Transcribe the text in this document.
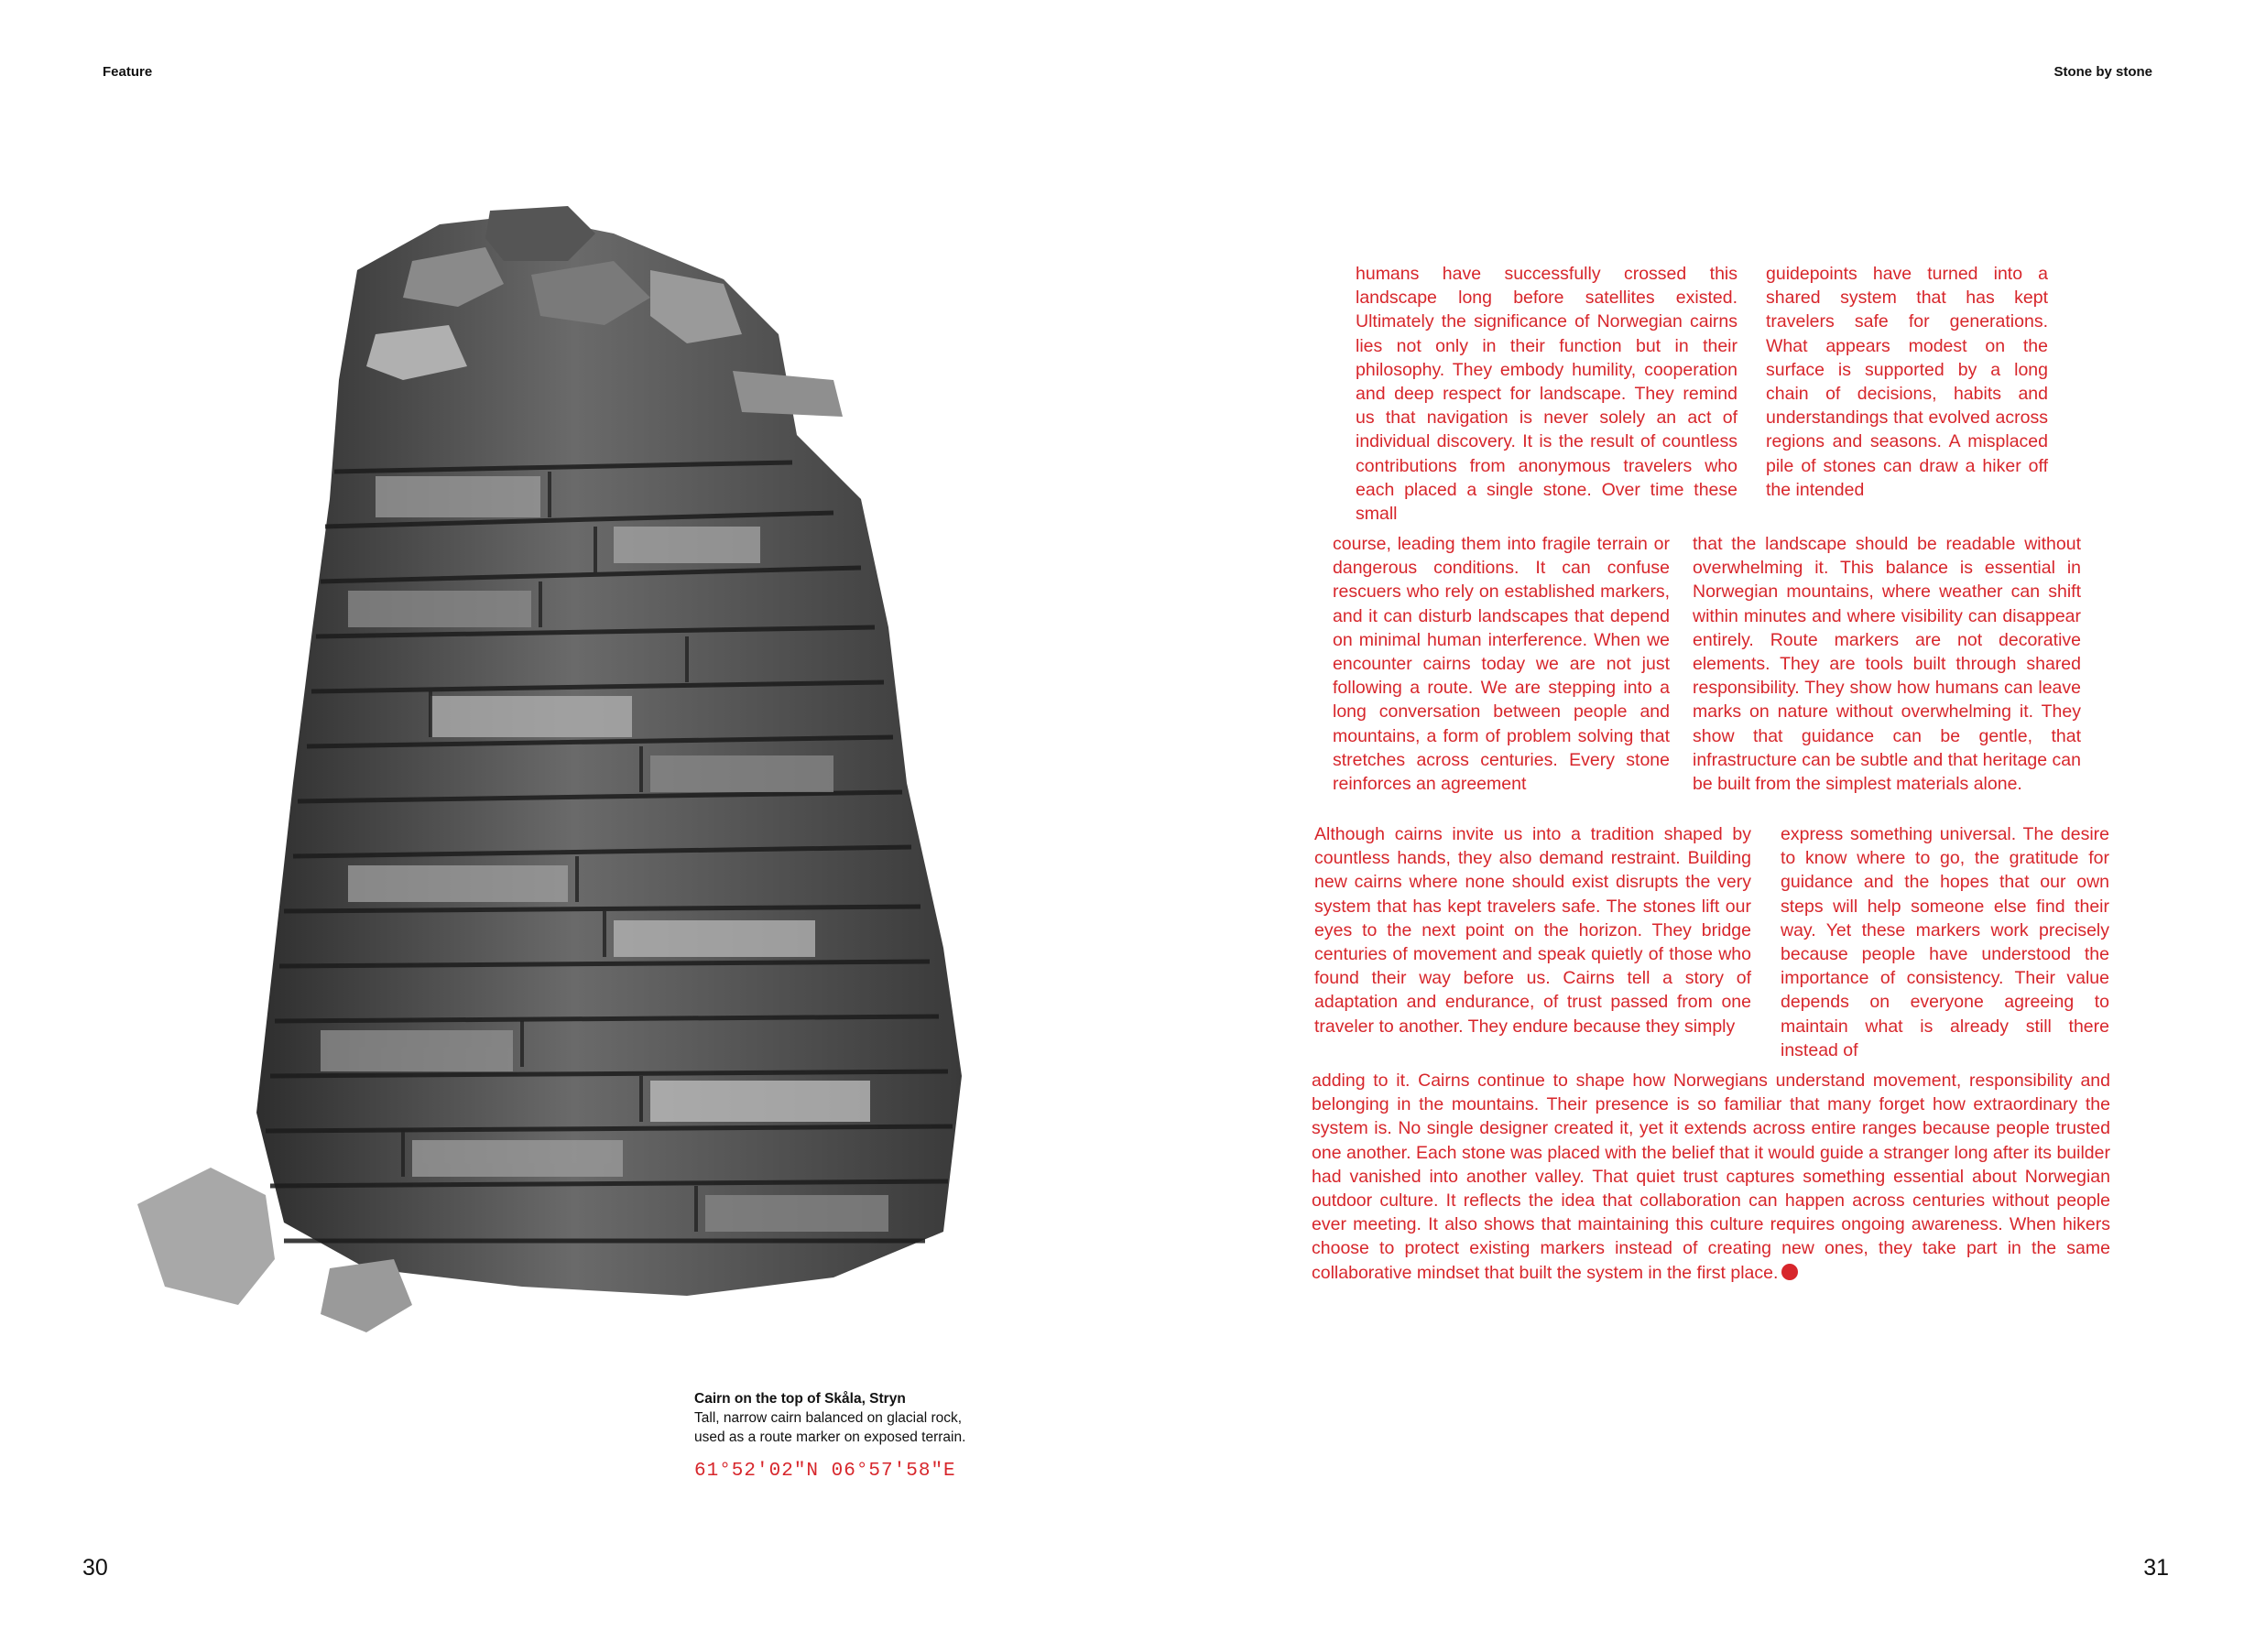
Feature	Stone by stone
Cairn on the top of Skåla, Stryn
Tall, narrow cairn balanced on glacial rock,
used as a route marker on exposed terrain.
61°52′02″N 06°57′58″E

humans have successfully crossed this landscape long before satellites existed. Ultimately the significance of Norwegian cairns lies not only in their function but in their philosophy. They embody humility, cooperation and deep respect for landscape. They remind us that navigation is never solely an act of individual discovery. It is the result of countless contributions from anonymous travelers who each placed a single stone. Over time these small

guidepoints have turned into a shared system that has kept travelers safe for generations. What appears modest on the surface is supported by a long chain of decisions, habits and understandings that evolved across regions and seasons. A misplaced pile of stones can draw a hiker off the intended

course, leading them into fragile terrain or dangerous conditions. It can confuse rescuers who rely on established markers, and it can disturb landscapes that depend on minimal human interference. When we encounter cairns today we are not just following a route. We are stepping into a long conversation between people and mountains, a form of problem solving that stretches across centuries. Every stone reinforces an agreement

that the landscape should be readable without overwhelming it. This balance is essential in Norwegian mountains, where weather can shift within minutes and where visibility can disappear entirely. Route markers are not decorative elements. They are tools built through shared responsibility. They show how humans can leave marks on nature without overwhelming it. They show that guidance can be gentle, that infrastructure can be subtle and that heritage can be built from the simplest materials alone.

Although cairns invite us into a tradition shaped by countless hands, they also demand restraint. Building new cairns where none should exist disrupts the very system that has kept travelers safe. The stones lift our eyes to the next point on the horizon. They bridge centuries of movement and speak quietly of those who found their way before us. Cairns tell a story of adaptation and endurance, of trust passed from one traveler to another. They endure because they simply

express something universal. The desire to know where to go, the gratitude for guidance and the hopes that our own steps will help someone else find their way. Yet these markers work precisely because people have understood the importance of consistency. Their value depends on everyone agreeing to maintain what is already still there instead of

adding to it. Cairns continue to shape how Norwegians understand movement, responsibility and belonging in the mountains. Their presence is so familiar that many forget how extraordinary the system is. No single designer created it, yet it extends across entire ranges because people trusted one another. Each stone was placed with the belief that it would guide a stranger long after its builder had vanished into another valley. That quiet trust captures something essential about Norwegian outdoor culture. It reflects the idea that collaboration can happen across centuries without people ever meeting. It also shows that maintaining this culture requires ongoing awareness. When hikers choose to protect existing markers instead of creating new ones, they take part in the same collaborative mindset that built the system in the first place.

30	31
